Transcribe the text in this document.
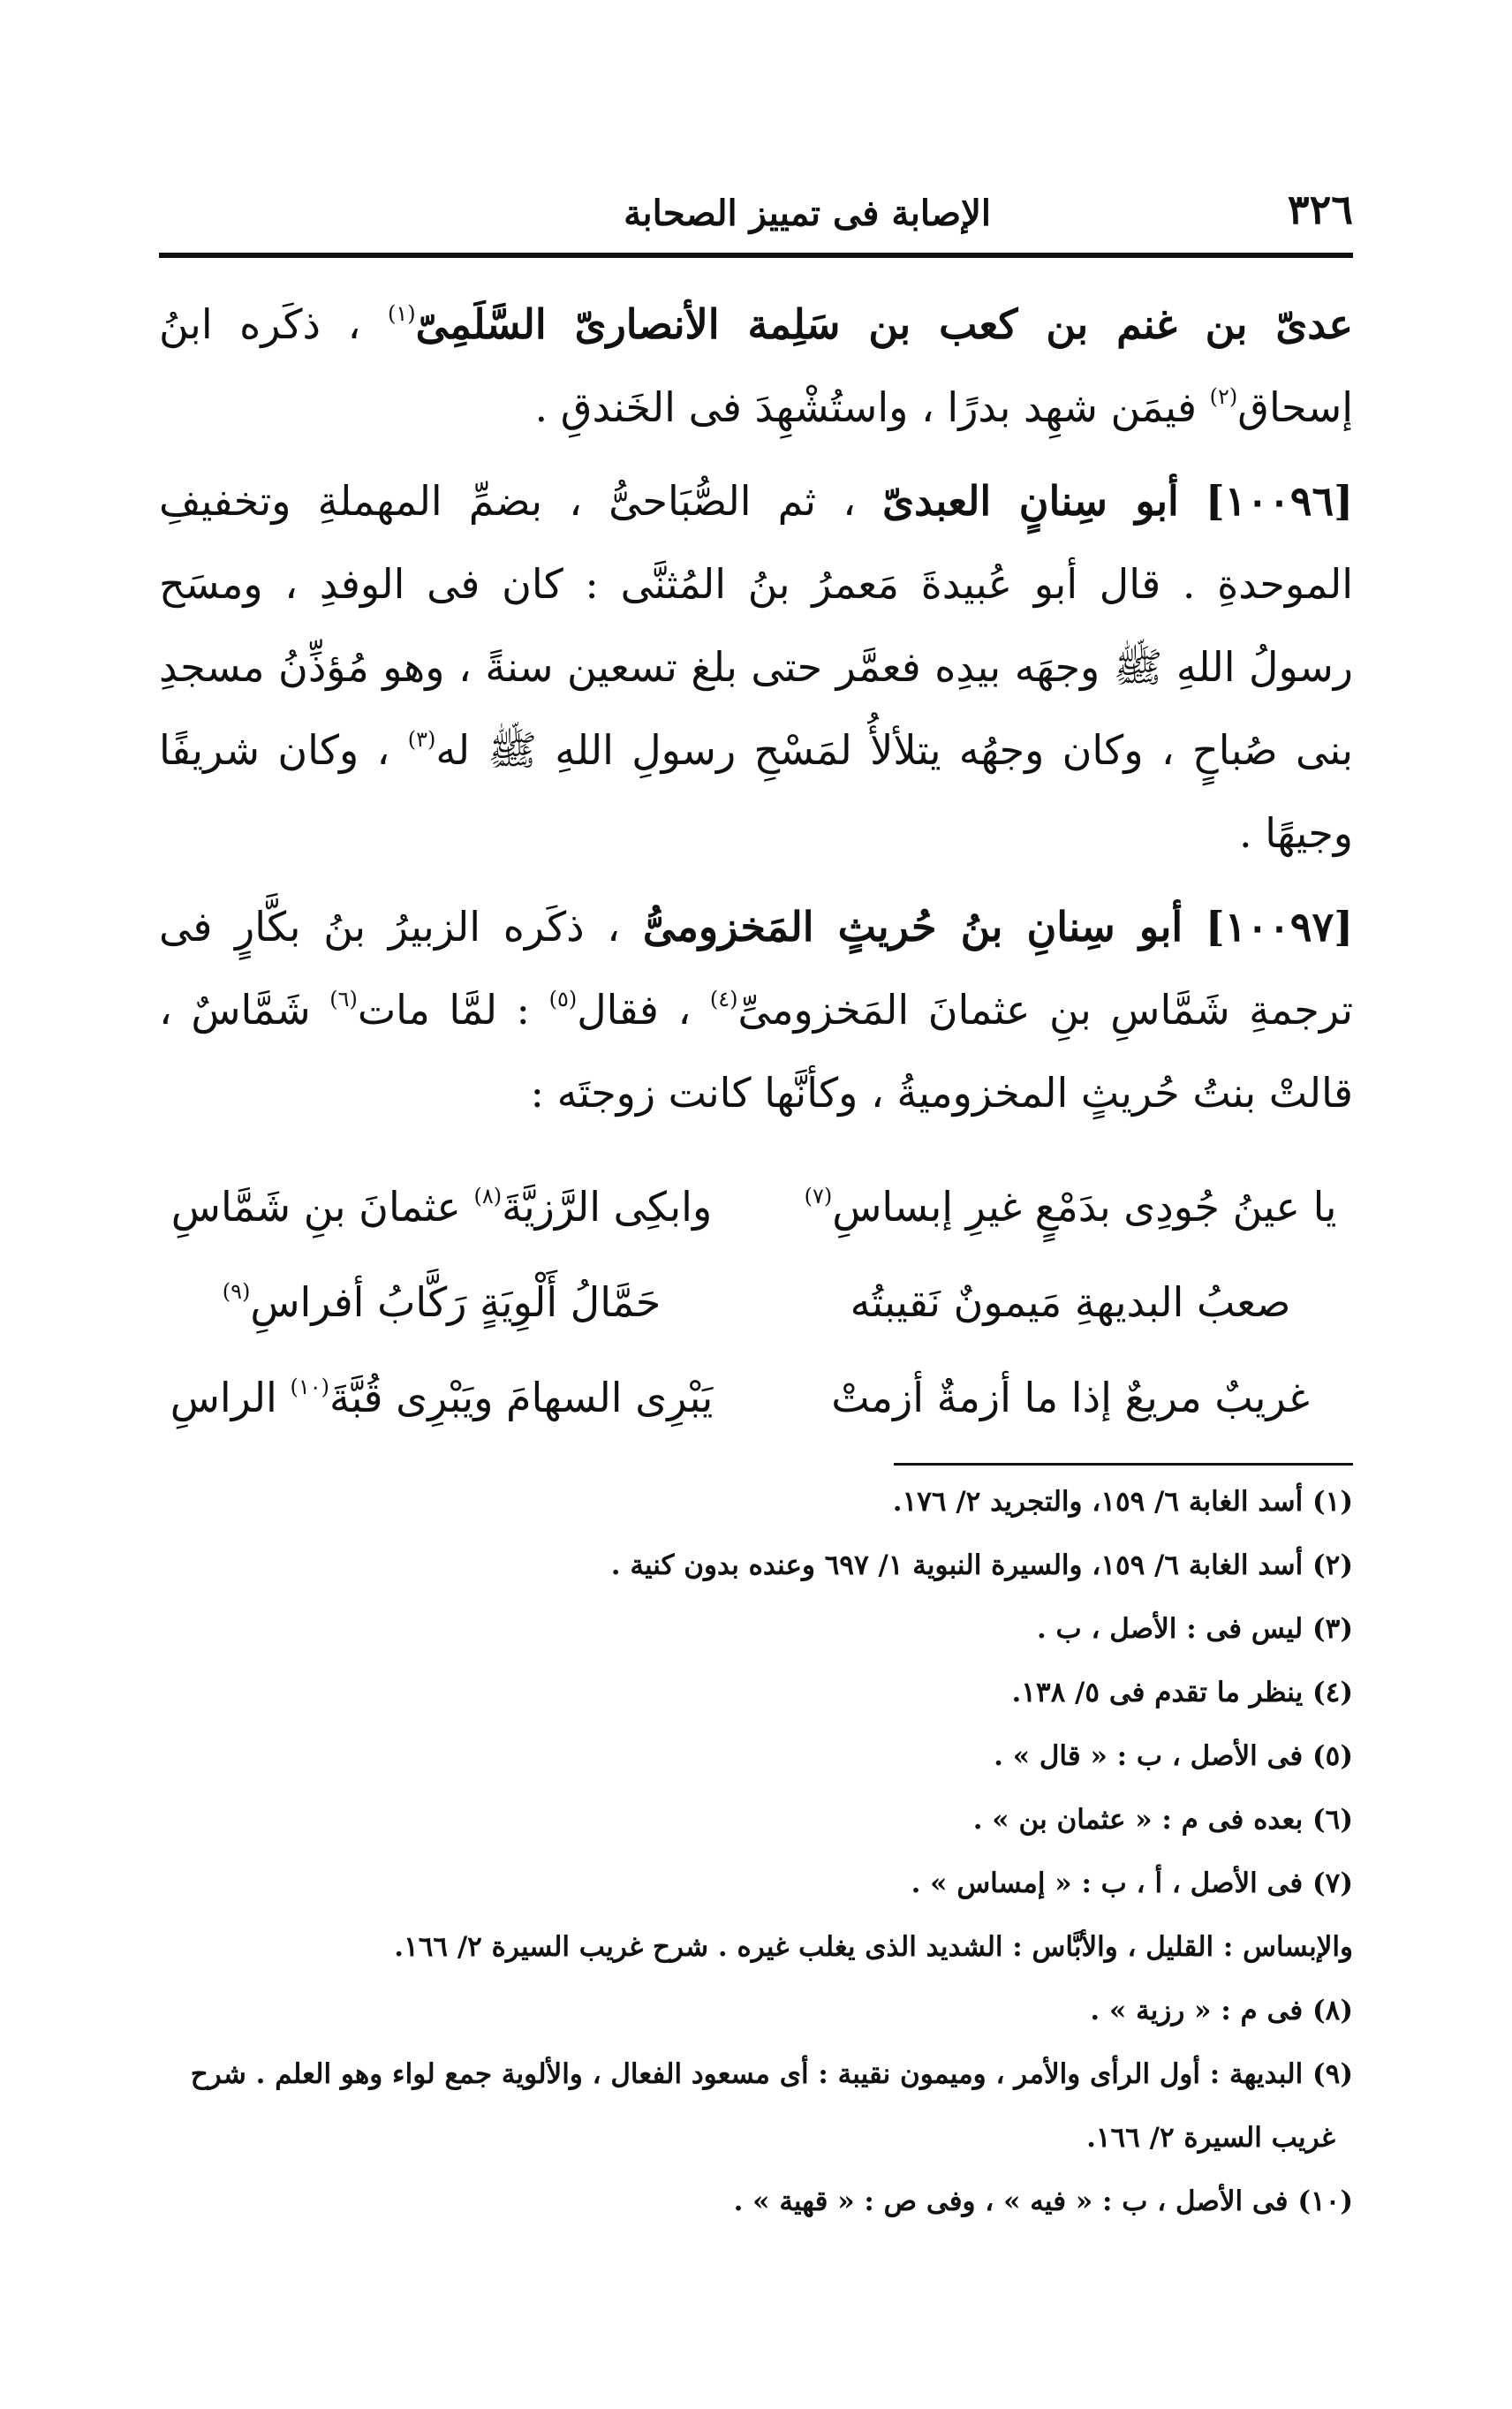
٣٢٦
الإصابة فى تمييز الصحابة

عدىّ بن غنم بن كعب بن سَلِمة الأنصارىّ السَّلَمِىّ$^{(١)}$ ، ذكَره ابنُ إسحاق$^{(٢)}$ فيمَن شهِد بدرًا ، واستُشْهِدَ فى الخَندقِ .

[١٠٠٩٦] أبو سِنانٍ العبدىّ ، ثم الصُّبَاحىُّ ، بضمِّ المهملةِ وتخفيفِ الموحدةِ . قال أبو عُبيدةَ مَعمرُ بنُ المُثنَّى : كان فى الوفدِ ، ومسَح رسولُ اللهِ ﷺ وجهَه بيدِه فعمَّر حتى بلغ تسعين سنةً ، وهو مُؤذِّنُ مسجدِ بنى صُباحٍ ، وكان وجهُه يتلألأُ لمَسْحِ رسولِ اللهِ ﷺ له$^{(٣)}$ ، وكان شريفًا وجيهًا .

[١٠٠٩٧] أبو سِنانِ بنُ حُريثٍ المَخزومىُّ ، ذكَره الزبيرُ بنُ بكَّارٍ فى ترجمةِ شَمَّاسِ بنِ عثمانَ المَخزومىِّ$^{(٤)}$ ، فقال$^{(٥)}$ : لمَّا مات$^{(٦)}$ شَمَّاسٌ ، قالتْ بنتُ حُريثٍ المخزوميةُ ، وكأنَّها كانت زوجتَه :

يا عينُ جُودِى بدَمْعٍ غيرِ إبساسِ$^{(٧)}$
وابكِى الرَّزيَّةَ$^{(٨)}$ عثمانَ بنِ شَمَّاسِ
صعبُ البديهةِ مَيمونٌ نَقيبتُه
حَمَّالُ أَلْوِيَةٍ رَكَّابُ أفراسِ$^{(٩)}$
غريبٌ مريعٌ إذا ما أزمةٌ أزمتْ
يَبْرِى السهامَ ويَبْرِى قُبَّةَ$^{(١٠)}$ الراسِ

(١) أسد الغابة ٦/ ١٥٩، والتجريد ٢/ ١٧٦.

(٢) أسد الغابة ٦/ ١٥٩، والسيرة النبوية ١/ ٦٩٧ وعنده بدون كنية .

(٣) ليس فى : الأصل ، ب .

(٤) ينظر ما تقدم فى ٥/ ١٣٨.

(٥) فى الأصل ، ب : « قال » .

(٦) بعده فى م : « عثمان بن » .

(٧) فى الأصل ، أ ، ب : « إمساس » .

والإبساس : القليل ، والأبَّاس : الشديد الذى يغلب غيره . شرح غريب السيرة ٢/ ١٦٦.

(٨) فى م : « رزية » .

(٩) البديهة : أول الرأى والأمر ، وميمون نقيبة : أى مسعود الفعال ، والألوية جمع لواء وهو العلم . شرح

غريب السيرة ٢/ ١٦٦.

(١٠) فى الأصل ، ب : « فيه » ، وفى ص : « قهية » .
